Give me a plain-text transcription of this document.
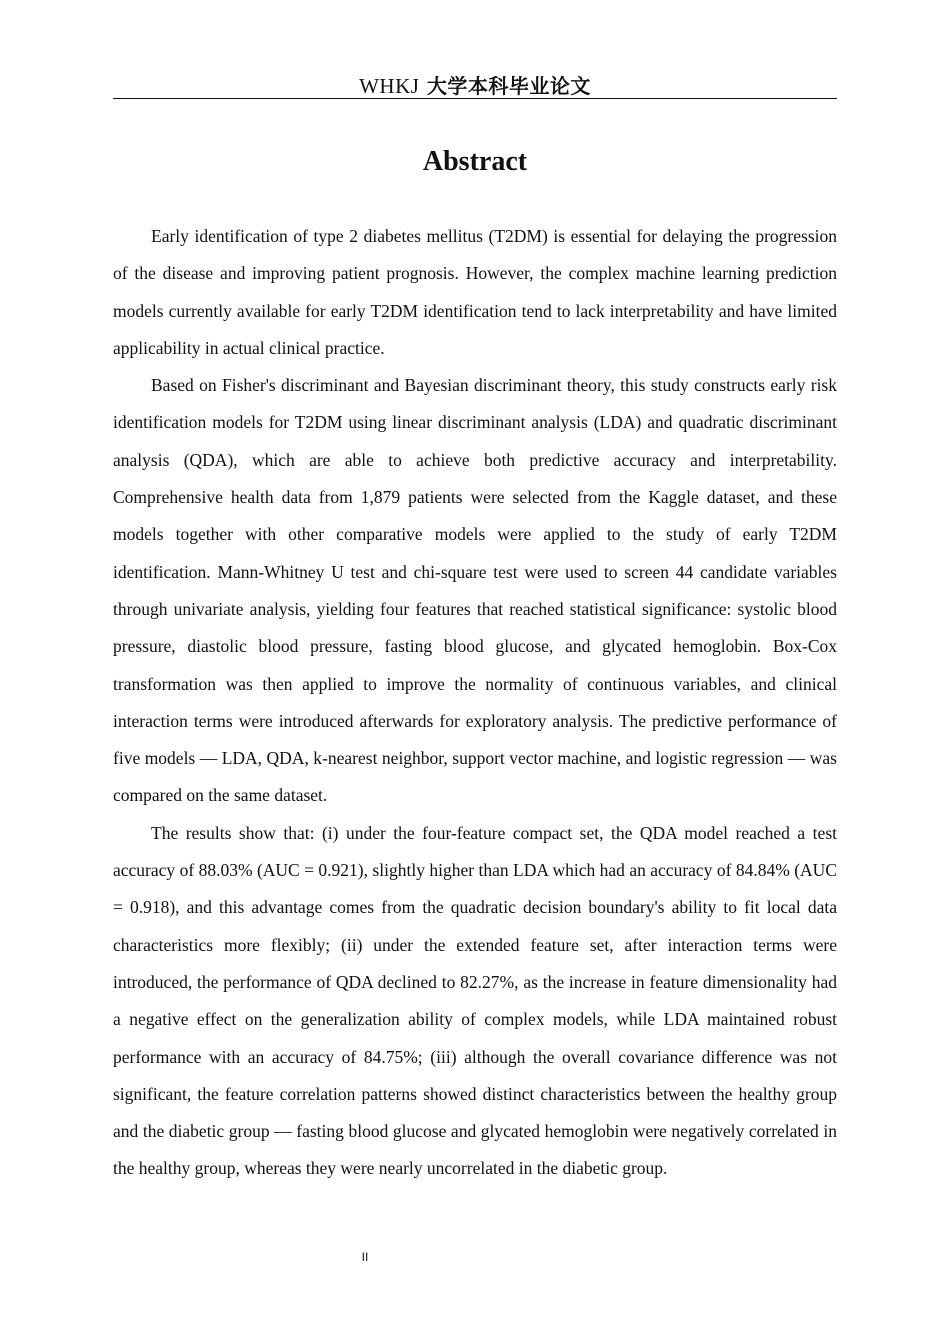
WHKJ 大学本科毕业论文
Abstract

Early identification of type 2 diabetes mellitus (T2DM) is essential for delaying the progression of the disease and improving patient prognosis. However, the complex machine learning prediction models currently available for early T2DM identification tend to lack interpretability and have limited applicability in actual clinical practice.

Based on Fisher's discriminant and Bayesian discriminant theory, this study constructs early risk identification models for T2DM using linear discriminant analysis (LDA) and quadratic discriminant analysis (QDA), which are able to achieve both predictive accuracy and interpretability. Comprehensive health data from 1,879 patients were selected from the Kaggle dataset, and these models together with other comparative models were applied to the study of early T2DM identification. Mann-Whitney U test and chi-square test were used to screen 44 candidate variables through univariate analysis, yielding four features that reached statistical significance: systolic blood pressure, diastolic blood pressure, fasting blood glucose, and glycated hemoglobin. Box-Cox transformation was then applied to improve the normality of continuous variables, and clinical interaction terms were introduced afterwards for exploratory analysis. The predictive performance of five models — LDA, QDA, k-nearest neighbor, support vector machine, and logistic regression — was compared on the same dataset.

The results show that: (i) under the four-feature compact set, the QDA model reached a test accuracy of 88.03% (AUC = 0.921), slightly higher than LDA which had an accuracy of 84.84% (AUC = 0.918), and this advantage comes from the quadratic decision boundary's ability to fit local data characteristics more flexibly; (ii) under the extended feature set, after interaction terms were introduced, the performance of QDA declined to 82.27%, as the increase in feature dimensionality had a negative effect on the generalization ability of complex models, while LDA maintained robust performance with an accuracy of 84.75%; (iii) although the overall covariance difference was not significant, the feature correlation patterns showed distinct characteristics between the healthy group and the diabetic group — fasting blood glucose and glycated hemoglobin were negatively correlated in the healthy group, whereas they were nearly uncorrelated in the diabetic group.

II
